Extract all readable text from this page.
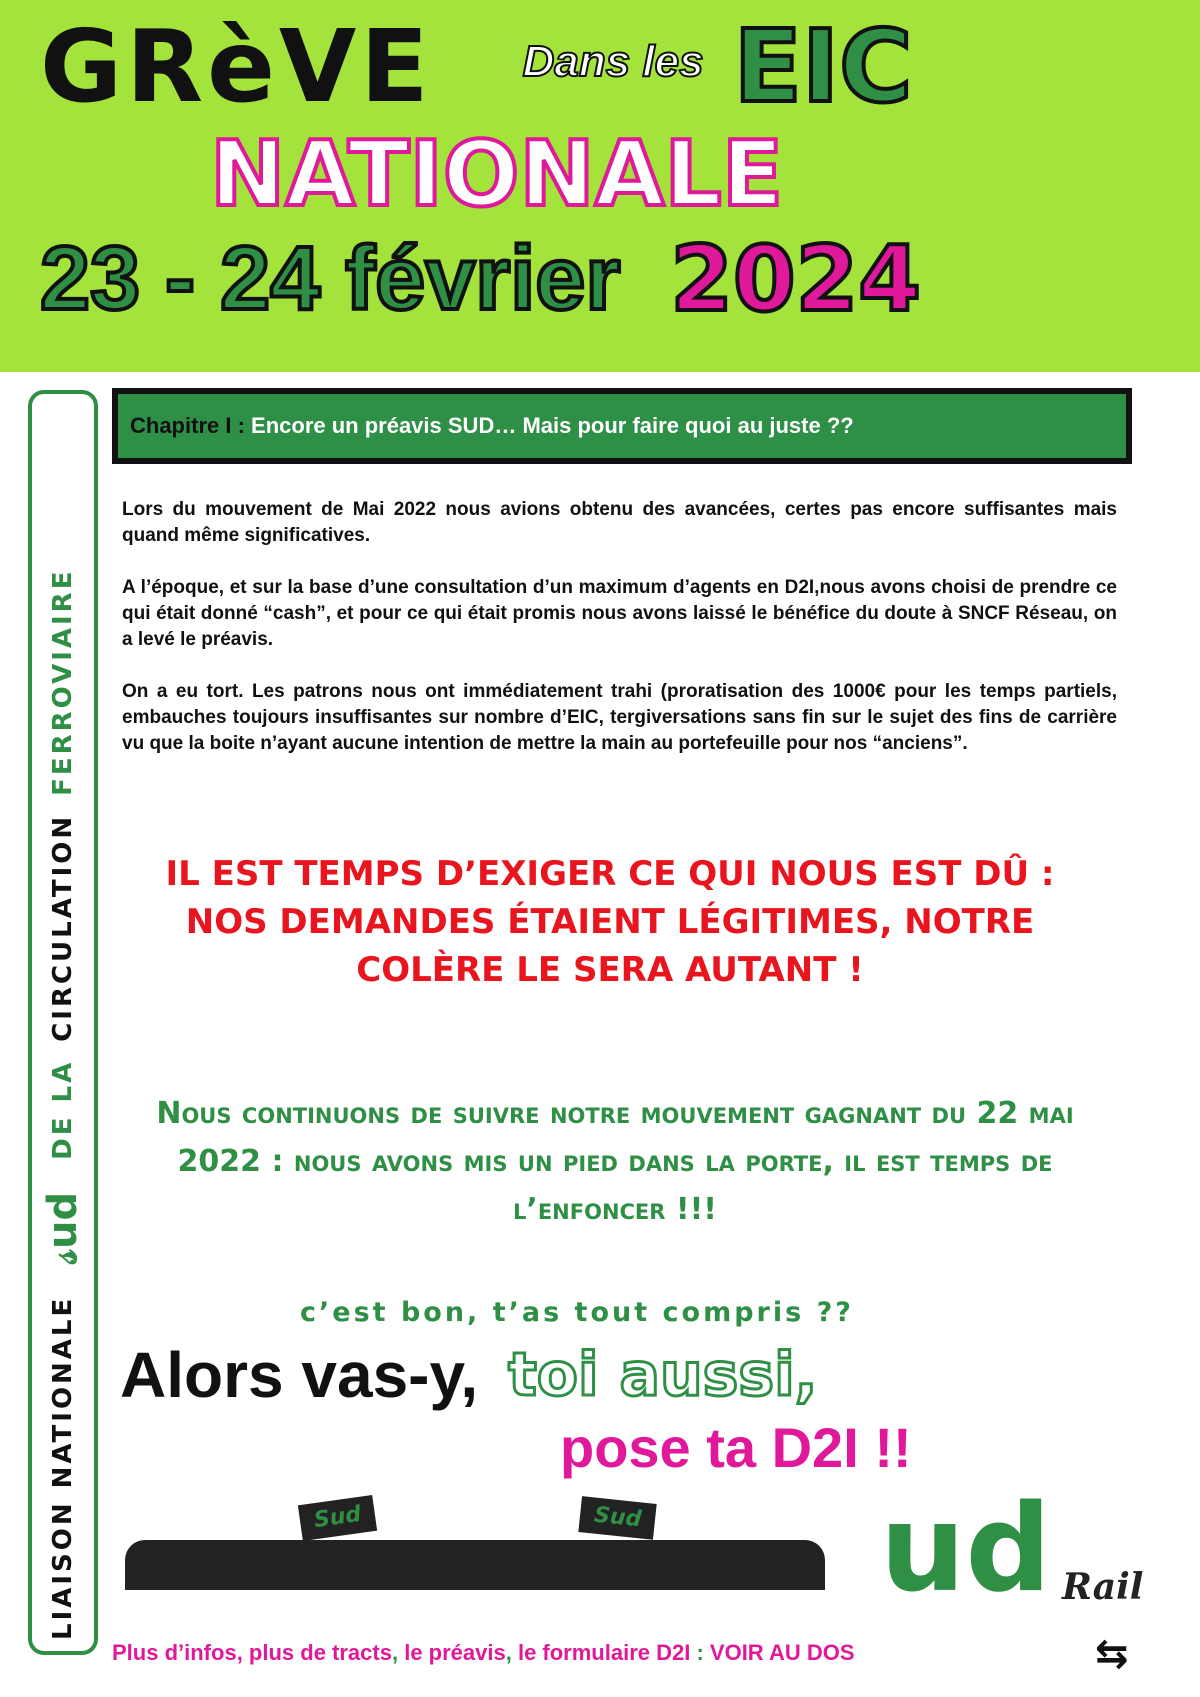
GRèVE Dans les EIC
NATIONALE
23 - 24 février 2024
LIAISON NATIONALE
𝓈ud
DE LA
CIRCULATION
FERROVIAIRE
Chapitre I : Encore un préavis SUD… Mais pour faire quoi au juste ??

Lors du mouvement de Mai 2022 nous avions obtenu des avancées, certes pas encore suffisantes mais quand même significatives.

A l’époque, et sur la base d’une consultation d’un maximum d’agents en D2I,nous avons choisi de prendre ce qui était donné “cash”, et pour ce qui était promis nous avons laissé le bénéfice du doute à SNCF Réseau, on a levé le préavis.

On a eu tort. Les patrons nous ont immédiatement trahi (proratisation des 1000€ pour les temps partiels, embauches toujours insuffisantes sur nombre d’EIC, tergiversations sans fin sur le sujet des fins de carrière vu que la boite n’ayant aucune intention de mettre la main au portefeuille pour nos “anciens”.

IL EST TEMPS D’EXIGER CE QUI NOUS EST DÛ : NOS DEMANDES ÉTAIENT LÉGITIMES, NOTRE COLÈRE LE SERA AUTANT !
Nous continuons de suivre notre mouvement gagnant du 22 mai 2022 : nous avons mis un pied dans la porte, il est temps de l’enfoncer !!!
c’est bon, t’as tout compris ??
Alors vas-y, toi aussi,
pose ta D2I !!
Sud	Sud ud Rail
Plus d’infos, plus de tracts, le préavis, le formulaire D2I : VOIR AU DOS	⇆
